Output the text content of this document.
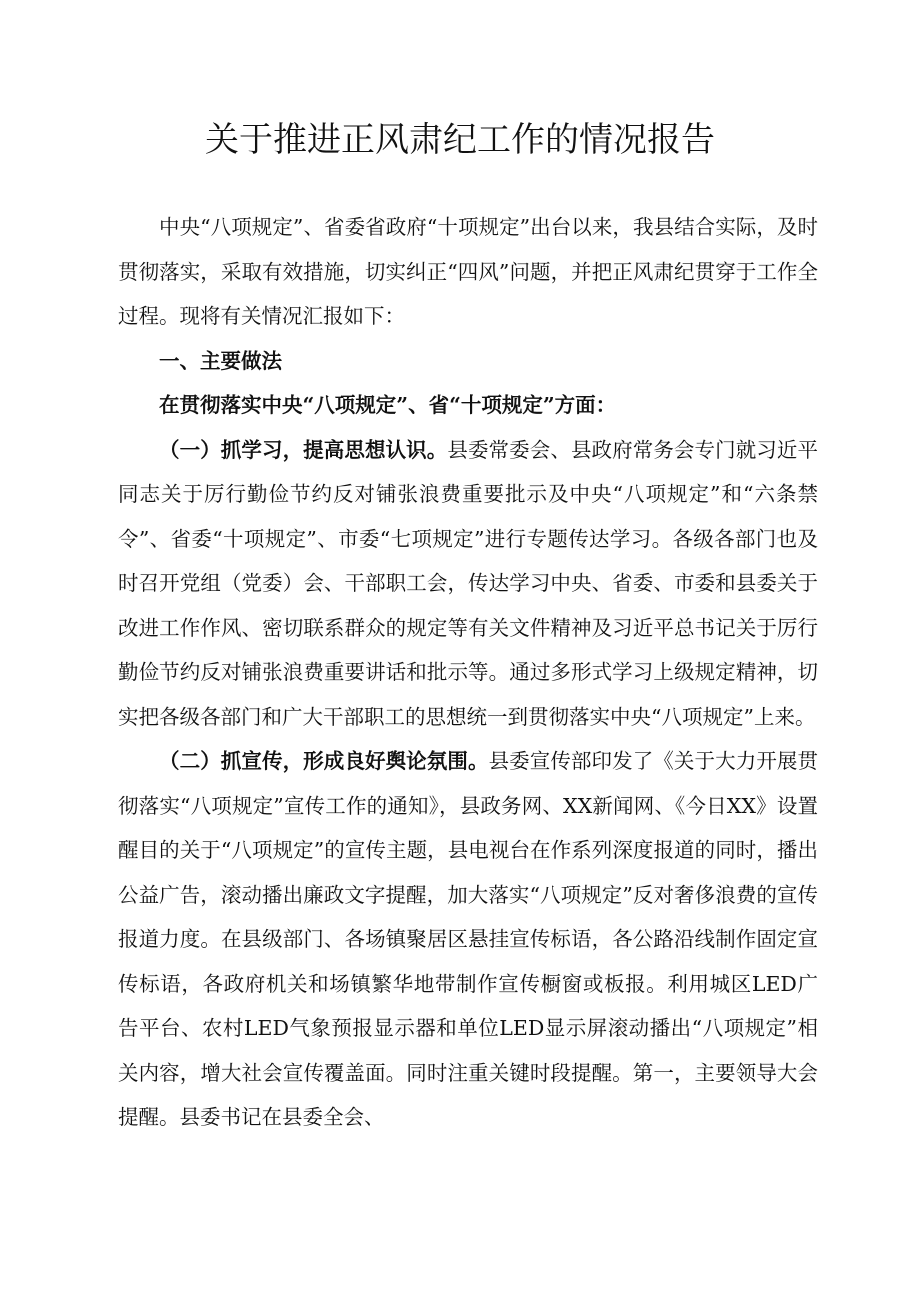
关于推进正风肃纪工作的情况报告

中央“八项规定”、省委省政府“十项规定”出台以来，我县结合实际，及时贯彻落实，采取有效措施，切实纠正“四风”问题，并把正风肃纪贯穿于工作全过程。现将有关情况汇报如下：

一、主要做法

在贯彻落实中央“八项规定”、省“十项规定”方面：

（一）抓学习，提高思想认识。县委常委会、县政府常务会专门就习近平同志关于厉行勤俭节约反对铺张浪费重要批示及中央“八项规定”和“六条禁令”、省委“十项规定”、市委“七项规定”进行专题传达学习。各级各部门也及时召开党组（党委）会、干部职工会，传达学习中央、省委、市委和县委关于改进工作作风、密切联系群众的规定等有关文件精神及习近平总书记关于厉行勤俭节约反对铺张浪费重要讲话和批示等。通过多形式学习上级规定精神，切实把各级各部门和广大干部职工的思想统一到贯彻落实中央“八项规定”上来。

（二）抓宣传，形成良好舆论氛围。县委宣传部印发了《关于大力开展贯彻落实“八项规定”宣传工作的通知》，县政务网、XX新闻网、《今日XX》设置醒目的关于“八项规定”的宣传主题，县电视台在作系列深度报道的同时，播出公益广告，滚动播出廉政文字提醒，加大落实“八项规定”反对奢侈浪费的宣传报道力度。在县级部门、各场镇聚居区悬挂宣传标语，各公路沿线制作固定宣传标语，各政府机关和场镇繁华地带制作宣传橱窗或板报。利用城区LED广告平台、农村LED气象预报显示器和单位LED显示屏滚动播出“八项规定”相关内容，增大社会宣传覆盖面。同时注重关键时段提醒。第一，主要领导大会提醒。县委书记在县委全会、
